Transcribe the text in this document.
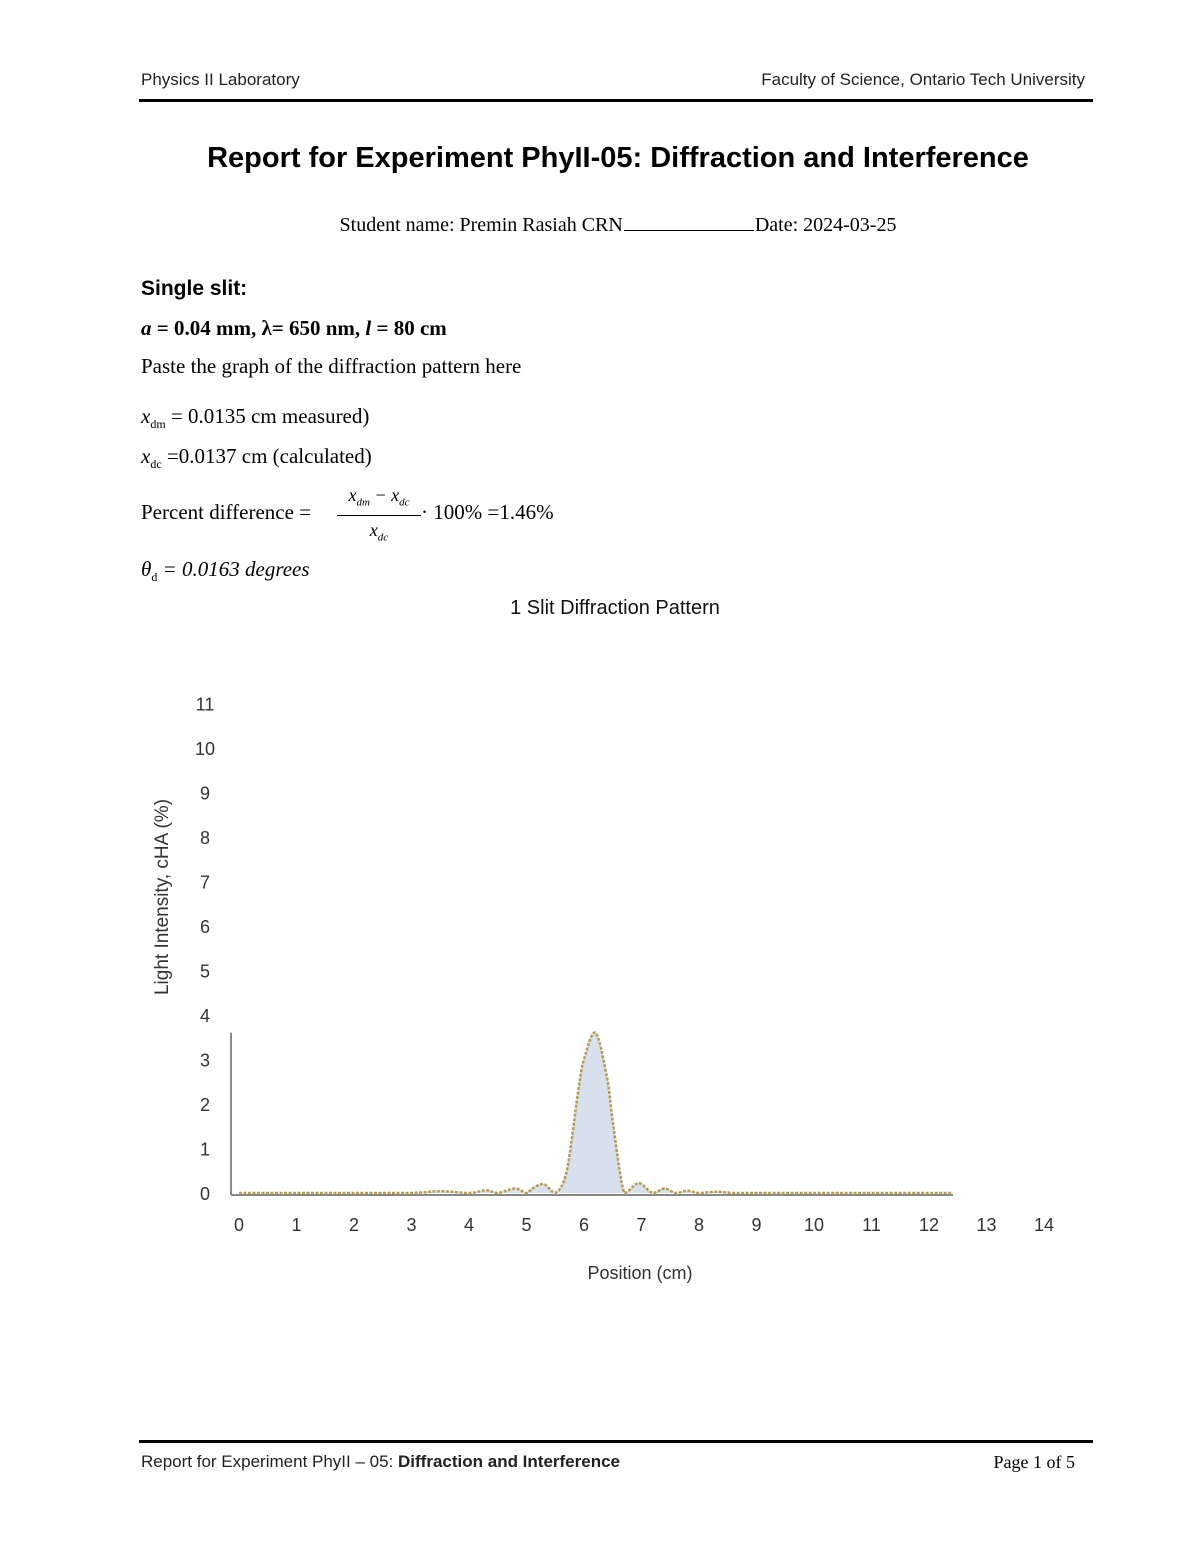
Physics II Laboratory	Faculty of Science, Ontario Tech University
Report for Experiment PhyII-05: Diffraction and Interference
Student name: Premin Rasiah CRN	Date: 2024-03-25
Single slit:
a = 0.04 mm, λ= 650 nm, l = 80 cm
Paste the graph of the diffraction pattern here
$x_{dm} = 0.0135$ cm measured)
$x_{dc} =0.0137$ cm (calculated)
Percent difference =
$x_{dm} - x_{dc}$
$x_{dc}$
· 100% =1.46%
$\theta_d = 0.0163$ degrees
1 Slit Diffraction Pattern
0
1
2
3
4
5
6
7
8
9
10
11
0	1	2	3	4	5	6	7	8	9 10 11 12 13 14
Position (cm)
Light Intensity, cHA (%)
Report for Experiment PhyII – 05: Diffraction and Interference	Page 1 of 5
